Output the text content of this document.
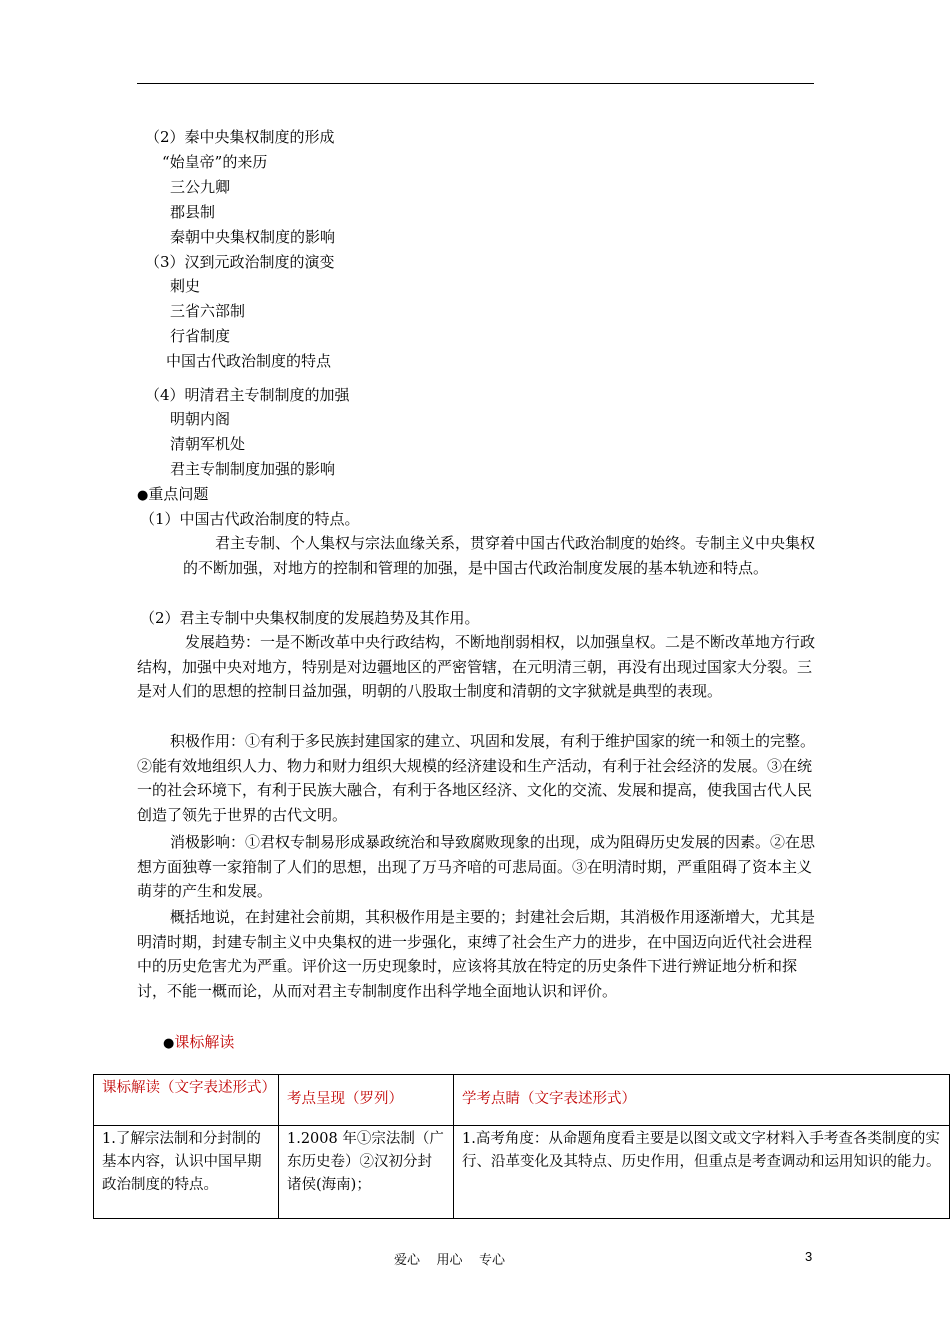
（2）秦中央集权制度的形成
“始皇帝”的来历
三公九卿
郡县制
秦朝中央集权制度的影响
（3）汉到元政治制度的演变
刺史
三省六部制
行省制度
中国古代政治制度的特点
（4）明清君主专制制度的加强
明朝内阁
清朝军机处
君主专制制度加强的影响
●重点问题
（1）中国古代政治制度的特点。
君主专制、个人集权与宗法血缘关系，贯穿着中国古代政治制度的始终。专制主义中央集权的不断加强，对地方的控制和管理的加强，是中国古代政治制度发展的基本轨迹和特点。
（2）君主专制中央集权制度的发展趋势及其作用。
发展趋势：一是不断改革中央行政结构，不断地削弱相权，以加强皇权。二是不断改革地方行政结构，加强中央对地方，特别是对边疆地区的严密管辖，在元明清三朝，再没有出现过国家大分裂。三是对人们的思想的控制日益加强，明朝的八股取士制度和清朝的文字狱就是典型的表现。
积极作用：①有利于多民族封建国家的建立、巩固和发展，有利于维护国家的统一和领土的完整。②能有效地组织人力、物力和财力组织大规模的经济建设和生产活动，有利于社会经济的发展。③在统一的社会环境下，有利于民族大融合，有利于各地区经济、文化的交流、发展和提高，使我国古代人民创造了领先于世界的古代文明。
消极影响：①君权专制易形成暴政统治和导致腐败现象的出现，成为阻碍历史发展的因素。②在思想方面独尊一家箝制了人们的思想，出现了万马齐喑的可悲局面。③在明清时期，严重阻碍了资本主义萌芽的产生和发展。
概括地说，在封建社会前期，其积极作用是主要的；封建社会后期，其消极作用逐渐增大，尤其是明清时期，封建专制主义中央集权的进一步强化，束缚了社会生产力的进步，在中国迈向近代社会进程中的历史危害尤为严重。评价这一历史现象时，应该将其放在特定的历史条件下进行辨证地分析和探讨，不能一概而论，从而对君主专制制度作出科学地全面地认识和评价。
●课标解读
课标解读（文字表述形式）	考点呈现（罗列）	学考点睛（文字表述形式）
1.了解宗法制和分封制的基本内容，认识中国早期政治制度的特点。	1.2008 年①宗法制（广东历史卷）②汉初分封诸侯(海南)；	1.高考角度：从命题角度看主要是以图文或文字材料入手考查各类制度的实行、沿革变化及其特点、历史作用，但重点是考查调动和运用知识的能力。
爱心    用心    专心	3
